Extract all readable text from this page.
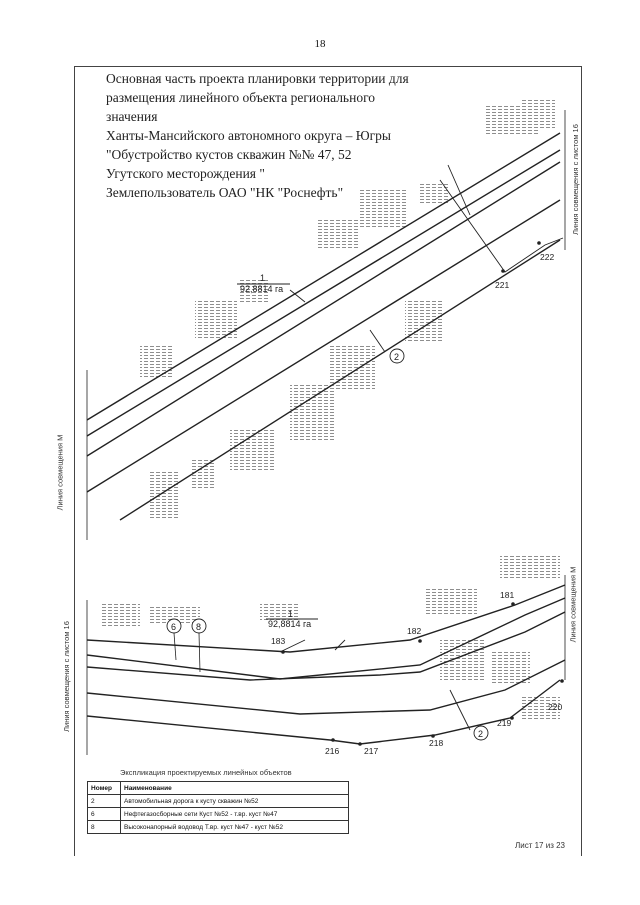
18
Основная часть проекта планировки территории для
размещения линейного объекта регионального
значения
Ханты-Мансийского автономного округа – Югры
"Обустройство кустов скважин №№ 47, 52
Угутского месторождения "
Землепользователь ОАО "НК "Роснефть"
1
92,8814 га
2
222
221
1
92,8814 га
6 8
2
181
182
183
216	217
218
219
220
Линия совмещения М
Линия совмещения с листом 16
Линия совмещения с листом 16
Линия совмещения М
Экспликация проектируемых линейных объектов
Номер	Наименование
2	Автомобильная дорога к кусту скважин №52
6	Нефтегазосборные сети Куст №52 - т.вр. куст №47
8	Высоконапорный водовод Т.вр. куст №47 - куст №52
Лист 17 из 23
